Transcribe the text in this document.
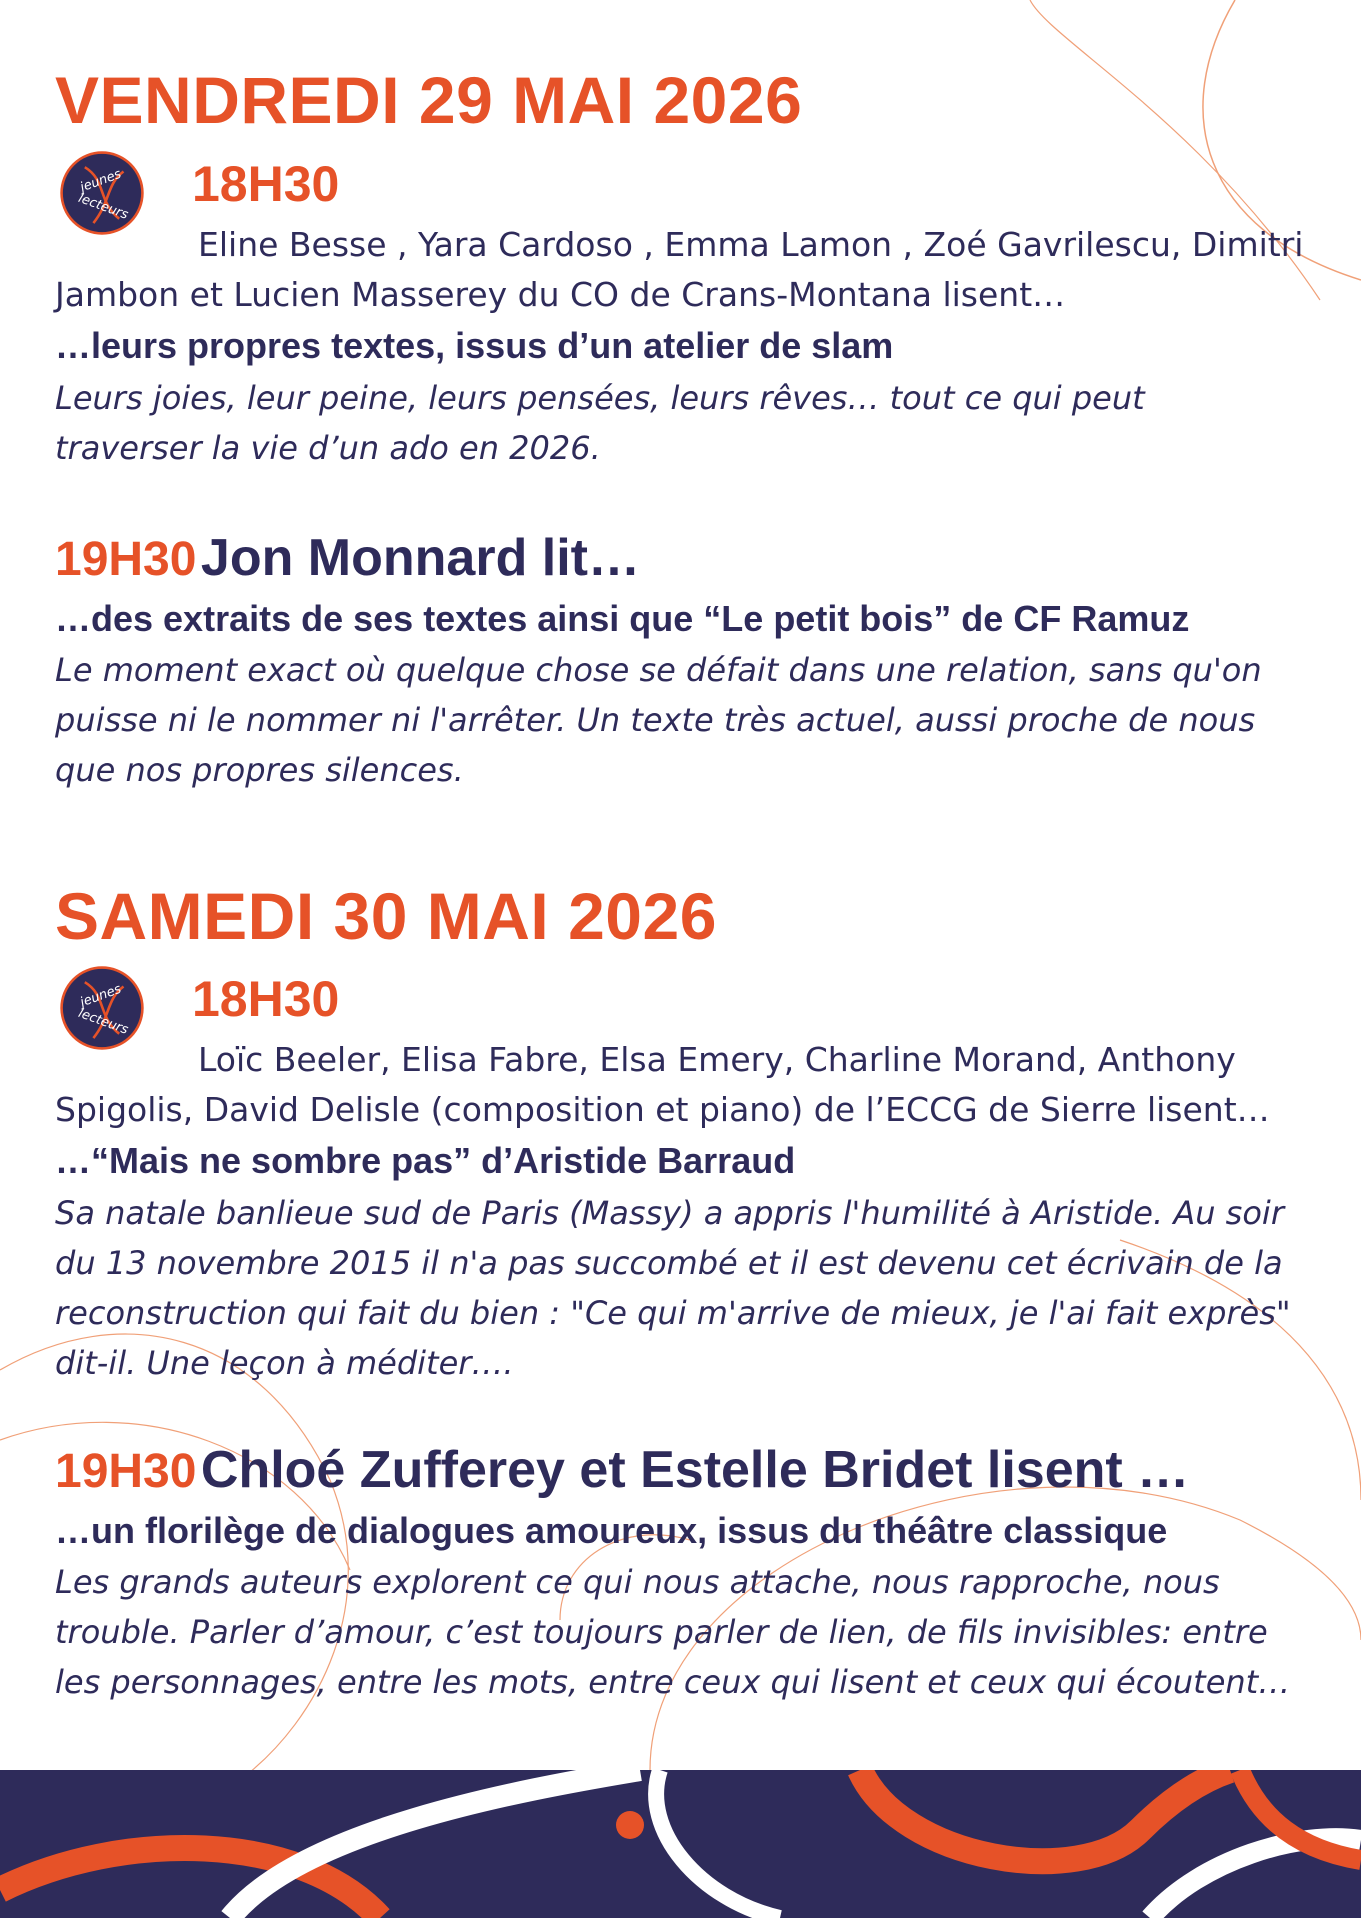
VENDREDI 29 MAI 2026
jeunes
lecteurs 18H30
Eline Besse , Yara Cardoso , Emma Lamon , Zoé Gavrilescu, Dimitri Jambon et Lucien Masserey du CO de Crans-Montana lisent…
…leurs propres textes, issus d’un atelier de slam
Leurs joies, leur peine, leurs pensées, leurs rêves… tout ce qui peut
traverser la vie d’un ado en 2026.
19H30 Jon Monnard lit…
…des extraits de ses textes ainsi que “Le petit bois” de CF Ramuz
Le moment exact où quelque chose se défait dans une relation, sans qu'on
puisse ni le nommer ni l'arrêter. Un texte très actuel, aussi proche de nous
que nos propres silences.
SAMEDI 30 MAI 2026
jeunes
lecteurs 18H30
Loïc Beeler, Elisa Fabre, Elsa Emery, Charline Morand, Anthony Spigolis, David Delisle (composition et piano) de l’ECCG de Sierre lisent…
…“Mais ne sombre pas” d’Aristide Barraud
Sa natale banlieue sud de Paris (Massy) a appris l'humilité à Aristide. Au soir
du 13 novembre 2015 il n'a pas succombé et il est devenu cet écrivain de la
reconstruction qui fait du bien : "Ce qui m'arrive de mieux, je l'ai fait exprès"
dit-il. Une leçon à méditer….
19H30 Chloé Zufferey et Estelle Bridet lisent …
…un florilège de dialogues amoureux, issus du théâtre classique
Les grands auteurs explorent ce qui nous attache, nous rapproche, nous
trouble. Parler d’amour, c’est toujours parler de lien, de fils invisibles: entre
les personnages, entre les mots, entre ceux qui lisent et ceux qui écoutent…
